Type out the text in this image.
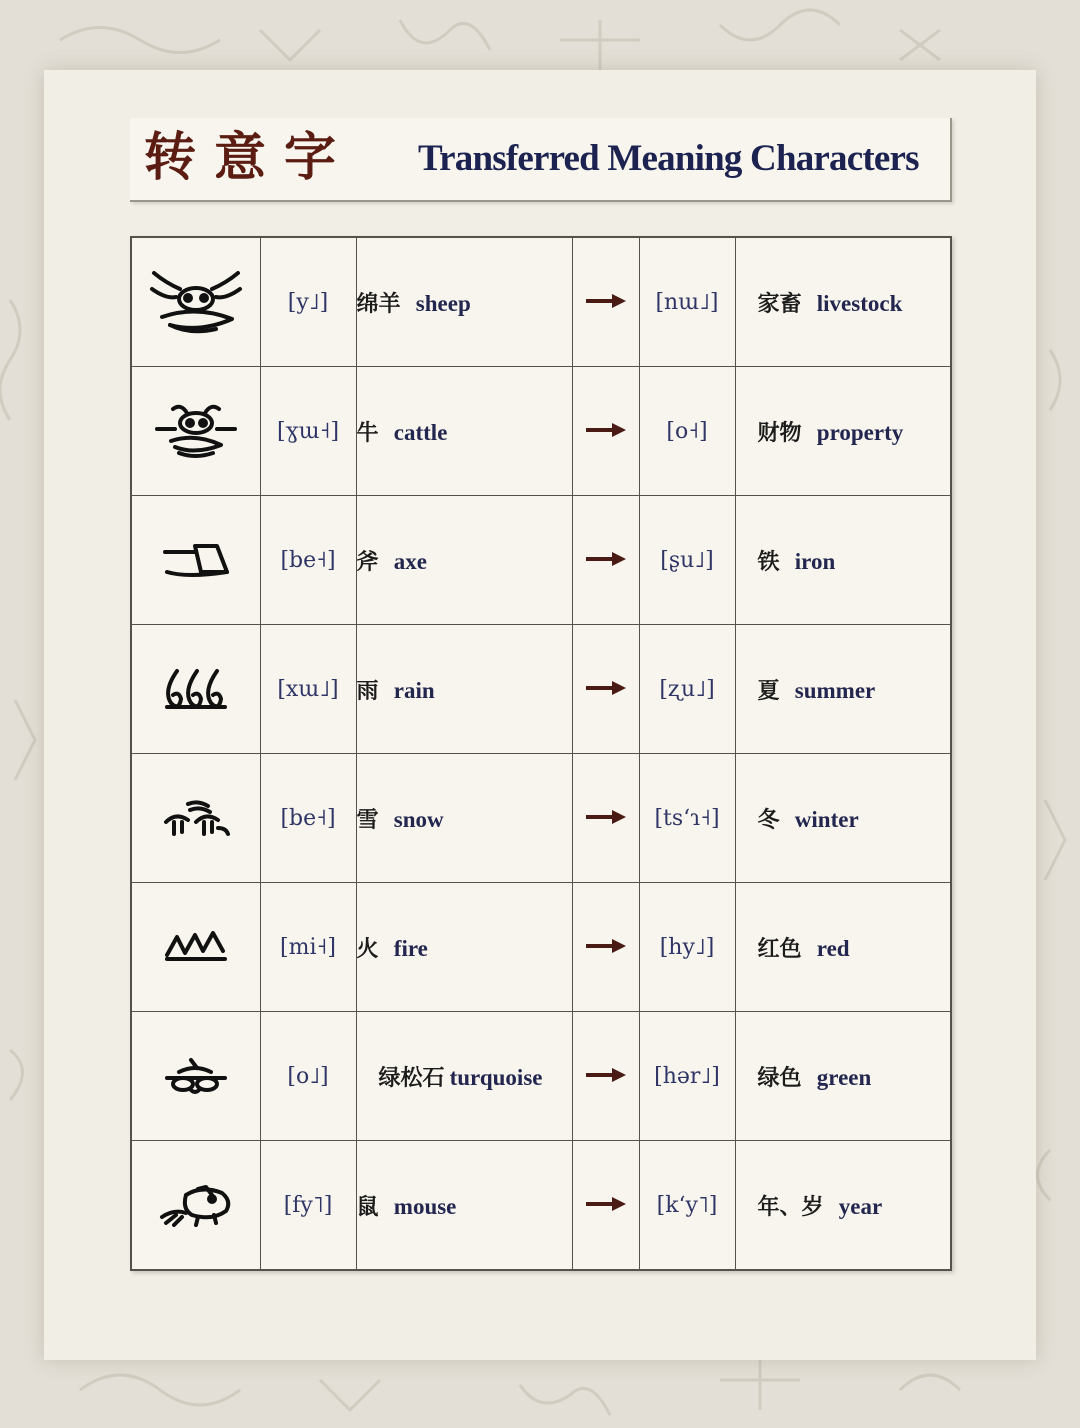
转意字 Transferred Meaning Characters
	[y˩]	绵羊 sheep		[nɯ˩]	家畜 livestock

	[ɣɯ˧]	牛 cattle		[o˧]	财物 property

	[be˧]	斧 axe		[ʂu˩]	铁 iron

	[xɯ˩]	雨 rain		[ʐu˩]	夏 summer

	[be˧]	雪 snow		[tsʻɿ˧]	冬 winter

	[mi˧]	火 fire		[hy˩]	红色 red

	[o˩]	绿松石 turquoise		[hər˩]	绿色 green

	[fy˥]	鼠 mouse		[kʻy˥]	年、岁 year
